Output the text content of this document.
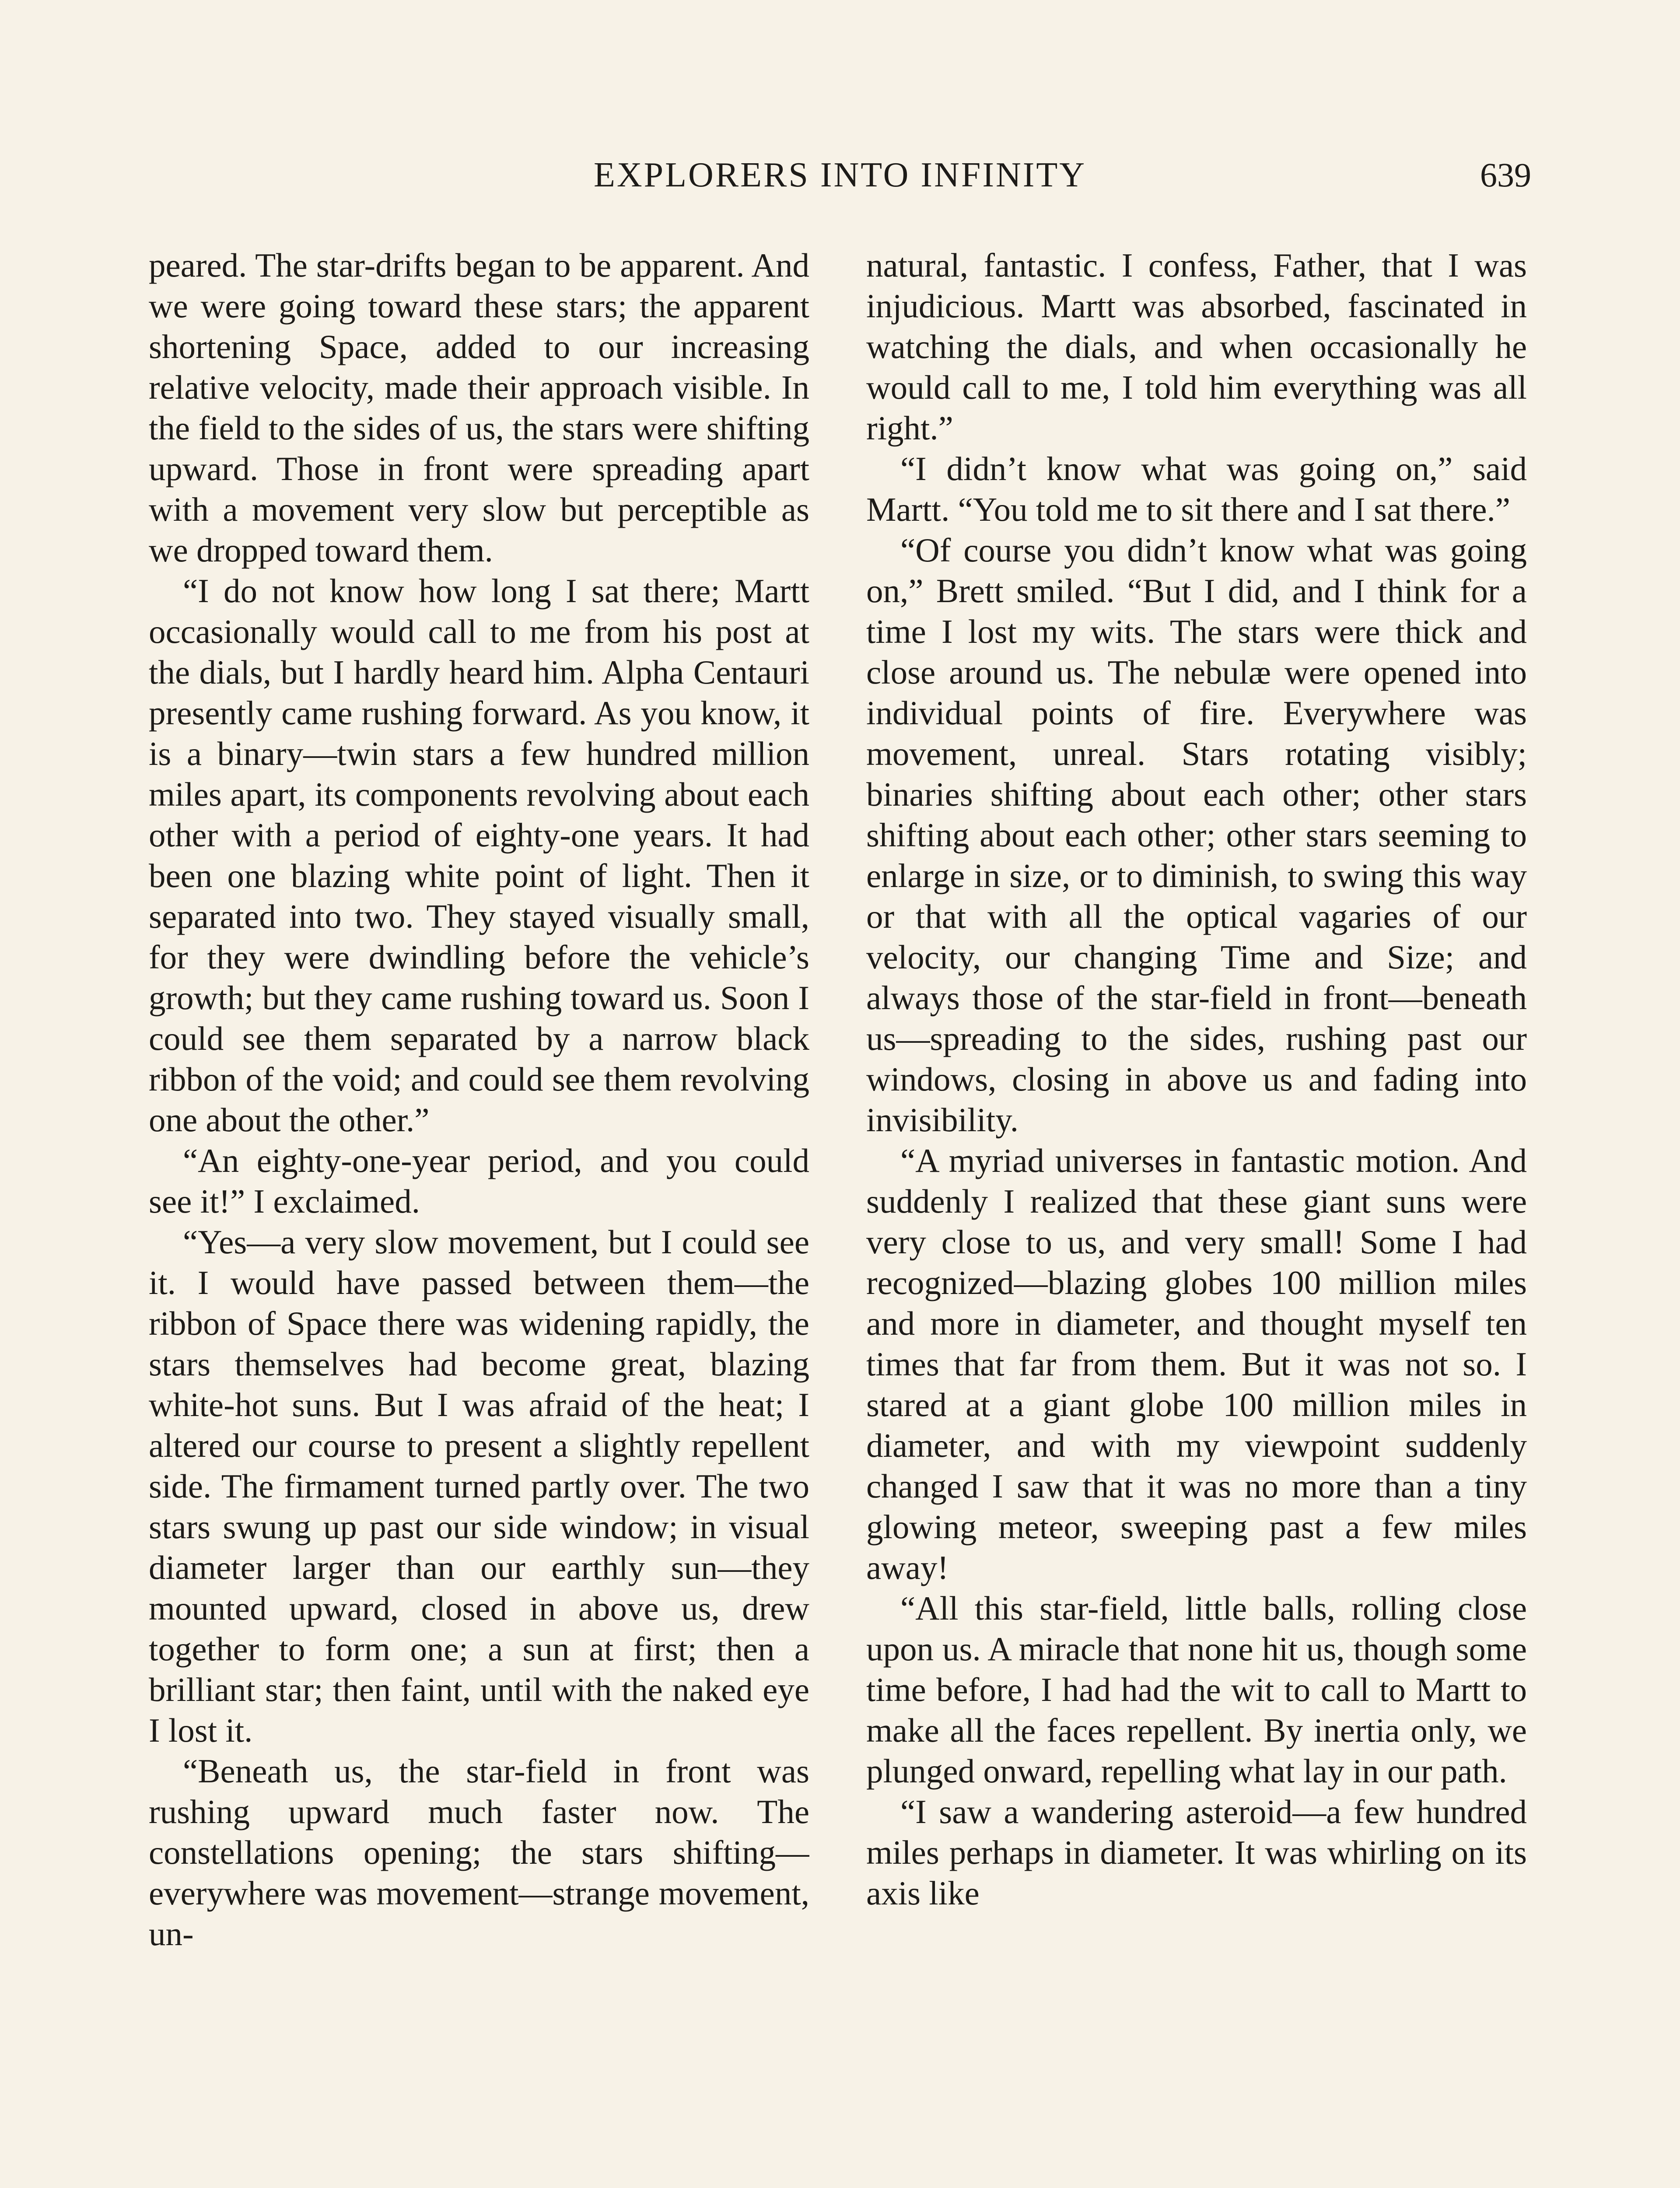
EXPLORERS INTO INFINITY	639

peared. The star-drifts began to be apparent. And we were going toward these stars; the apparent shortening Space, added to our increasing relative velocity, made their approach visible. In the field to the sides of us, the stars were shifting upward. Those in front were spreading apart with a movement very slow but perceptible as we dropped toward them.

“I do not know how long I sat there; Martt occasionally would call to me from his post at the dials, but I hardly heard him. Alpha Centauri presently came rushing forward. As you know, it is a binary—twin stars a few hundred million miles apart, its components revolving about each other with a period of eighty-one years. It had been one blazing white point of light. Then it separated into two. They stayed visually small, for they were dwindling before the vehicle’s growth; but they came rushing toward us. Soon I could see them separated by a narrow black ribbon of the void; and could see them revolving one about the other.”

“An eighty-one-year period, and you could see it!” I exclaimed.

“Yes—a very slow movement, but I could see it. I would have passed between them—the ribbon of Space there was widening rapidly, the stars themselves had become great, blazing white-hot suns. But I was afraid of the heat; I altered our course to present a slightly repellent side. The firmament turned partly over. The two stars swung up past our side window; in visual diameter larger than our earthly sun—they mounted upward, closed in above us, drew together to form one; a sun at first; then a brilliant star; then faint, until with the naked eye I lost it.

“Beneath us, the star-field in front was rushing upward much faster now. The constellations opening; the stars shifting—everywhere was movement—strange movement, un-

natural, fantastic. I confess, Father, that I was injudicious. Martt was absorbed, fascinated in watching the dials, and when occasionally he would call to me, I told him everything was all right.”

“I didn’t know what was going on,” said Martt. “You told me to sit there and I sat there.”

“Of course you didn’t know what was going on,” Brett smiled. “But I did, and I think for a time I lost my wits. The stars were thick and close around us. The nebulæ were opened into individual points of fire. Everywhere was movement, unreal. Stars rotating visibly; binaries shifting about each other; other stars shifting about each other; other stars seeming to enlarge in size, or to diminish, to swing this way or that with all the optical vagaries of our velocity, our changing Time and Size; and always those of the star-field in front—beneath us—spreading to the sides, rushing past our windows, closing in above us and fading into invisibility.

“A myriad universes in fantastic motion. And suddenly I realized that these giant suns were very close to us, and very small! Some I had recognized—blazing globes 100 million miles and more in diameter, and thought myself ten times that far from them. But it was not so. I stared at a giant globe 100 million miles in diameter, and with my viewpoint suddenly changed I saw that it was no more than a tiny glowing meteor, sweeping past a few miles away!

“All this star-field, little balls, rolling close upon us. A miracle that none hit us, though some time before, I had had the wit to call to Martt to make all the faces repellent. By inertia only, we plunged onward, repelling what lay in our path.

“I saw a wandering asteroid—a few hundred miles perhaps in diameter. It was whirling on its axis like
